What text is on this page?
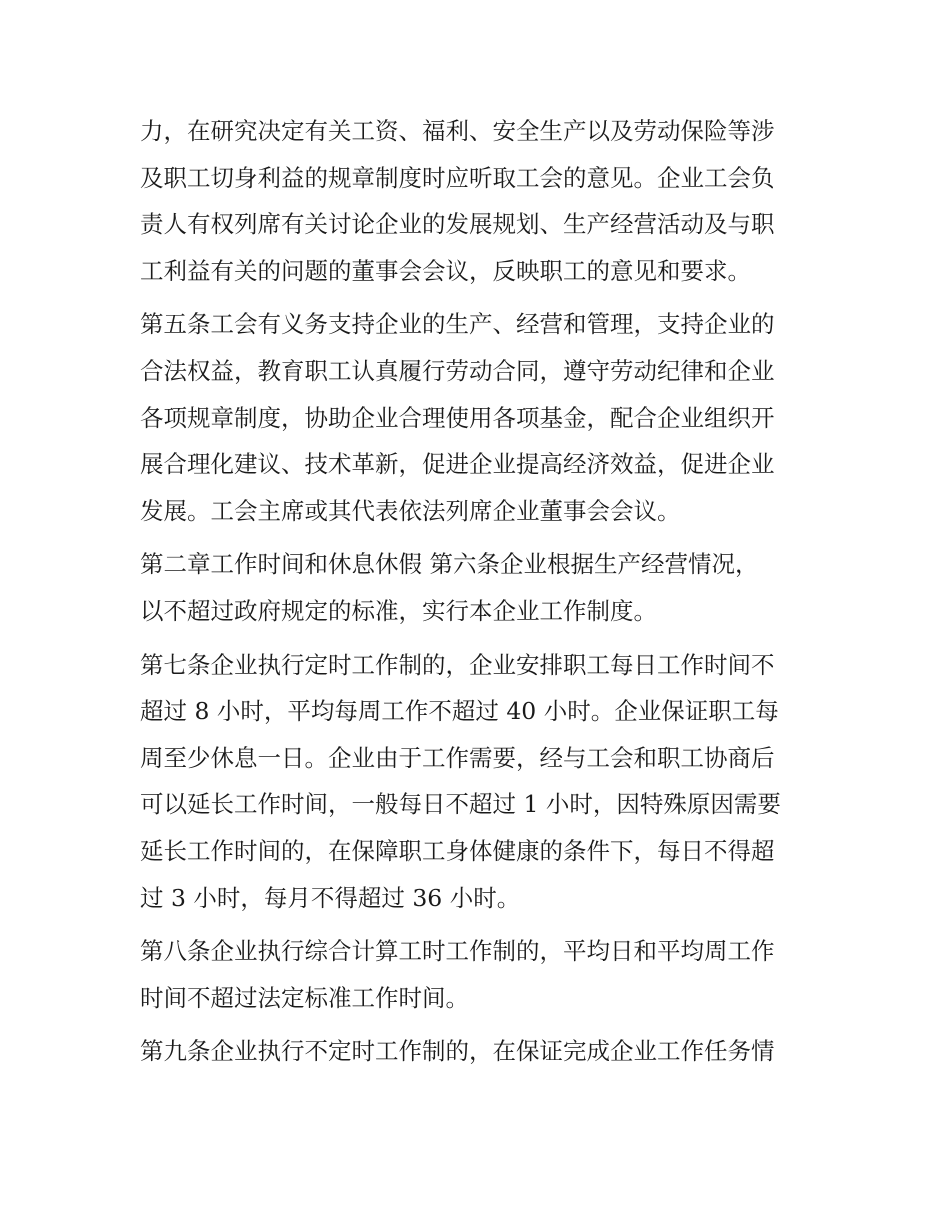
力，在研究决定有关工资、福利、安全生产以及劳动保险等涉
及职工切身利益的规章制度时应听取工会的意见。企业工会负
责人有权列席有关讨论企业的发展规划、生产经营活动及与职
工利益有关的问题的董事会会议，反映职工的意见和要求。
第五条工会有义务支持企业的生产、经营和管理，支持企业的
合法权益，教育职工认真履行劳动合同，遵守劳动纪律和企业
各项规章制度，协助企业合理使用各项基金，配合企业组织开
展合理化建议、技术革新，促进企业提高经济效益，促进企业
发展。工会主席或其代表依法列席企业董事会会议。
第二章工作时间和休息休假 第六条企业根据生产经营情况，
以不超过政府规定的标准，实行本企业工作制度。
第七条企业执行定时工作制的，企业安排职工每日工作时间不
超过 8 小时，平均每周工作不超过 40 小时。企业保证职工每
周至少休息一日。企业由于工作需要，经与工会和职工协商后
可以延长工作时间，一般每日不超过 1 小时，因特殊原因需要
延长工作时间的，在保障职工身体健康的条件下，每日不得超
过 3 小时，每月不得超过 36 小时。
第八条企业执行综合计算工时工作制的，平均日和平均周工作
时间不超过法定标准工作时间。
第九条企业执行不定时工作制的，在保证完成企业工作任务情
